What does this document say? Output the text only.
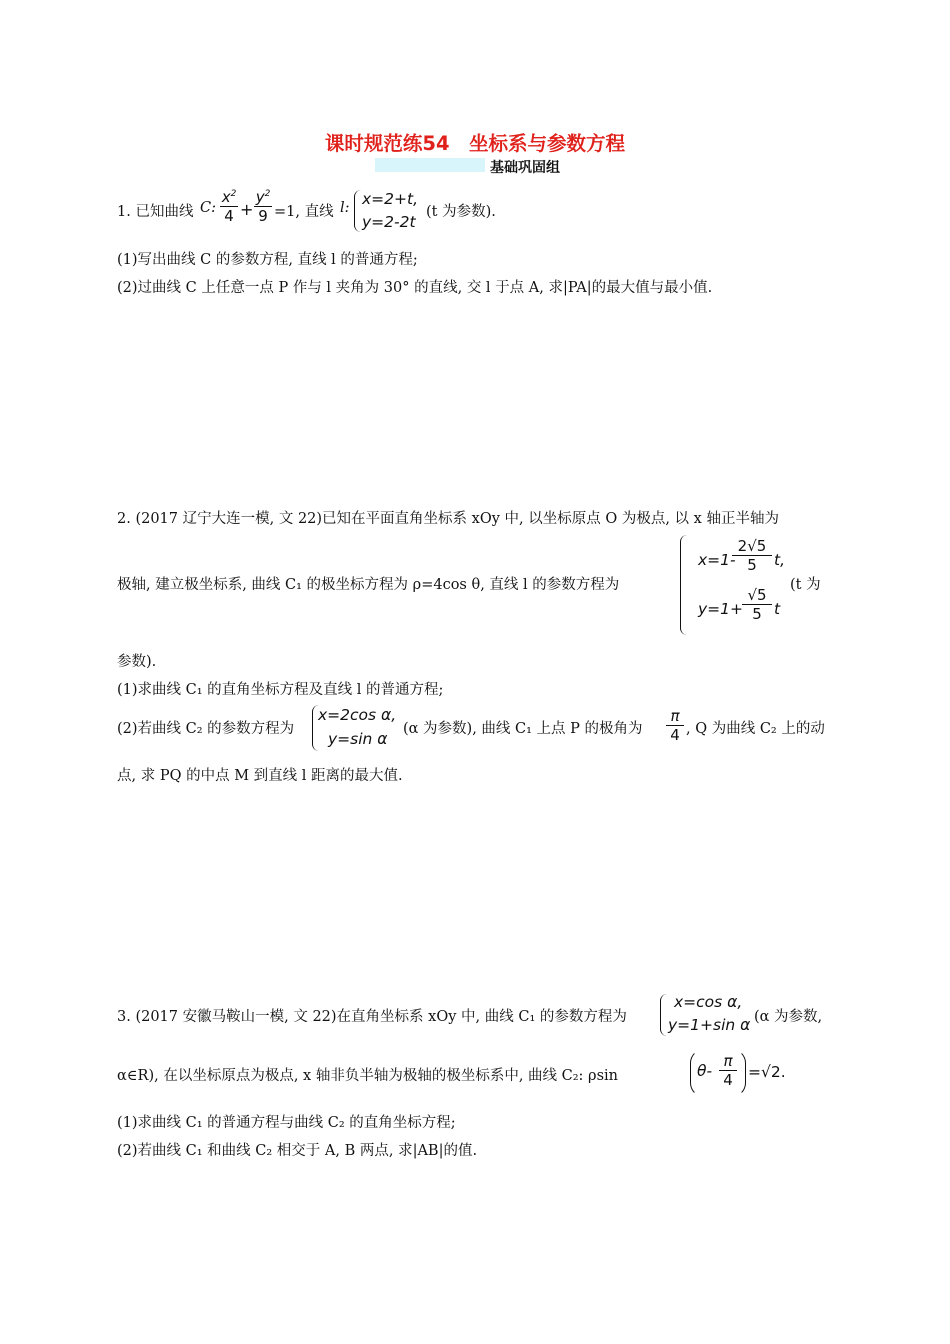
课时规范练54　坐标系与参数方程
基础巩固组
1. 已知曲线 C:
$x^2$
4 +
$y^2$
9 =1, 直线 l: x=2+t,
y=2-2t
(t 为参数).
(1)写出曲线 C 的参数方程, 直线 l 的普通方程;
(2)过曲线 C 上任意一点 P 作与 l 夹角为 30° 的直线, 交 l 于点 A, 求|PA|的最大值与最小值.
2. (2017 辽宁大连一模, 文 22)已知在平面直角坐标系 xOy 中, 以坐标原点 O 为极点, 以 x 轴正半轴为
极轴, 建立极坐标系, 曲线 C₁ 的极坐标方程为 ρ=4cos θ, 直线 l 的参数方程为
x=1-
2√5
5	t,
y=1+
√5
5 t
(t 为
参数).
(1)求曲线 C₁ 的直角坐标方程及直线 l 的普通方程;
(2)若曲线 C₂ 的参数方程为
x=2cos α,
y=sin α
(α 为参数), 曲线 C₁ 上点 P 的极角为
π
4 , Q 为曲线 C₂ 上的动
点, 求 PQ 的中点 M 到直线 l 距离的最大值.
3. (2017 安徽马鞍山一模, 文 22)在直角坐标系 xOy 中, 曲线 C₁ 的参数方程为
x=cos α,
y=1+sin α (α 为参数,
α∈R), 在以坐标原点为极点, x 轴非负半轴为极轴的极坐标系中, 曲线 C₂: ρsin	θ-
π
4 =√2.
(1)求曲线 C₁ 的普通方程与曲线 C₂ 的直角坐标方程;
(2)若曲线 C₁ 和曲线 C₂ 相交于 A, B 两点, 求|AB|的值.
